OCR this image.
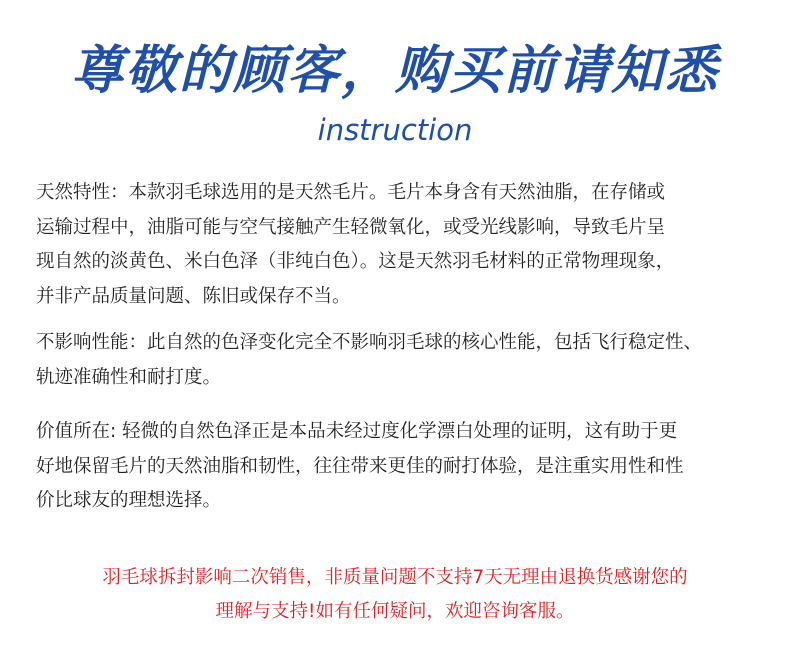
尊敬的顾客，购买前请知悉
instruction
天然特性：本款羽毛球选用的是天然毛片。毛片本身含有天然油脂，在存储或
运输过程中，油脂可能与空气接触产生轻微氧化，或受光线影响，导致毛片呈
现自然的淡黄色、米白色泽（非纯白色）。这是天然羽毛材料的正常物理现象，
并非产品质量问题、陈旧或保存不当。
不影响性能：此自然的色泽变化完全不影响羽毛球的核心性能，包括飞行稳定性、
轨迹准确性和耐打度。
价值所在: 轻微的自然色泽正是本品未经过度化学漂白处理的证明，这有助于更
好地保留毛片的天然油脂和韧性，往往带来更佳的耐打体验，是注重实用性和性
价比球友的理想选择。
羽毛球拆封影响二次销售，非质量问题不支持7天无理由退换货感谢您的
理解与支持!如有任何疑问，欢迎咨询客服。
